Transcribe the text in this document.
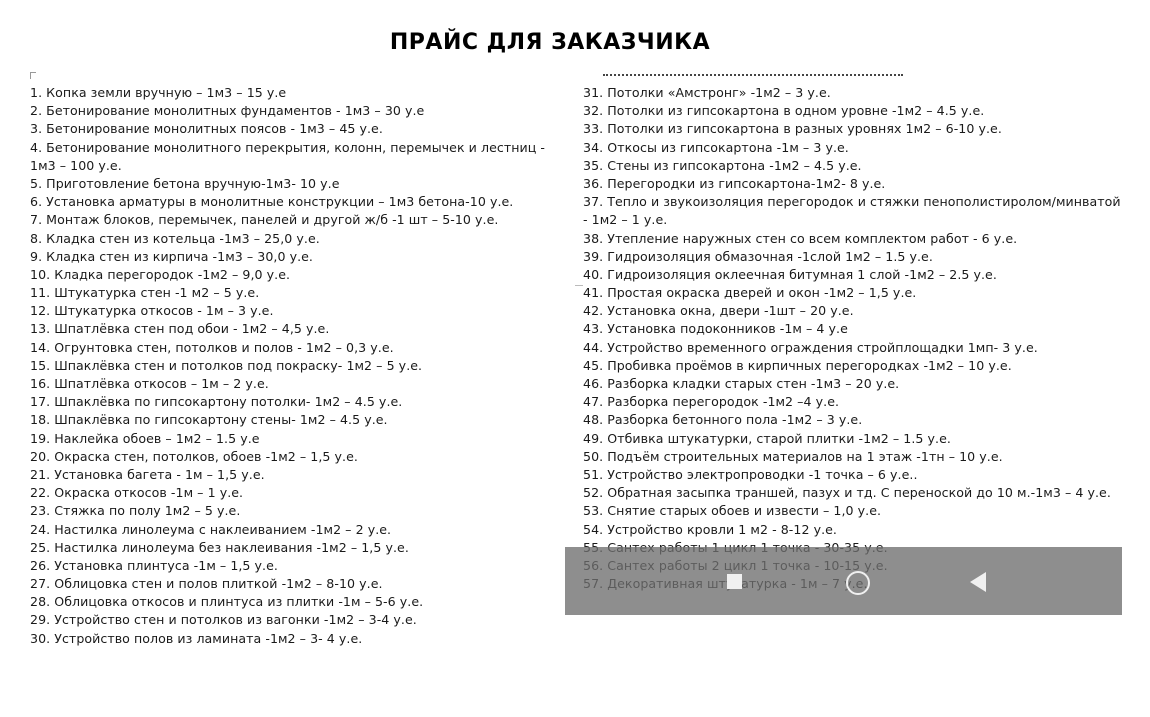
ПРАЙС ДЛЯ ЗАКАЗЧИКА
1. Копка земли вручную – 1м3 – 15 у.е
2. Бетонирование монолитных фундаментов - 1м3 – 30 у.е
3. Бетонирование монолитных поясов - 1м3 – 45 у.е.
4. Бетонирование монолитного перекрытия, колонн, перемычек и лестниц - 1м3 – 100 у.е.
5. Приготовление бетона вручную-1м3- 10 у.е
6. Установка арматуры в монолитные конструкции – 1м3 бетона-10 у.е.
7. Монтаж блоков, перемычек, панелей и другой ж/б -1 шт – 5-10 у.е.
8. Кладка стен из котельца -1м3 – 25,0 у.е.
9. Кладка стен из кирпича -1м3 – 30,0 у.е.
10. Кладка перегородок -1м2 – 9,0 у.е.
11. Штукатурка стен -1 м2 – 5 у.е.
12. Штукатурка откосов - 1м – 3 у.е.
13. Шпатлёвка стен под обои - 1м2 – 4,5 у.е.
14. Огрунтовка стен, потолков и полов - 1м2 – 0,3 у.е.
15. Шпаклёвка стен и потолков под покраску- 1м2 – 5 у.е.
16. Шпатлёвка откосов – 1м – 2 у.е.
17. Шпаклёвка по гипсокартону потолки- 1м2 – 4.5 у.е.
18. Шпаклёвка по гипсокартону стены- 1м2 – 4.5 у.е.
19. Наклейка обоев – 1м2 – 1.5 у.е
20. Окраска стен, потолков, обоев -1м2 – 1,5 у.е.
21. Установка багета - 1м – 1,5 у.е.
22. Окраска откосов -1м – 1 у.е.
23. Стяжка по полу 1м2 – 5 у.е.
24. Настилка линолеума с наклеиванием -1м2 – 2 у.е.
25. Настилка линолеума без наклеивания -1м2 – 1,5 у.е.
26. Установка плинтуса -1м – 1,5 у.е.
27. Облицовка стен и полов плиткой -1м2 – 8-10 у.е.
28. Облицовка откосов и плинтуса из плитки -1м – 5-6 у.е.
29. Устройство стен и потолков из вагонки -1м2 – 3-4 у.е.
30. Устройство полов из ламината -1м2 – 3- 4 у.е.
31. Потолки «Амстронг» -1м2 – 3 у.е.
32. Потолки из гипсокартона в одном уровне -1м2 – 4.5 у.е.
33. Потолки из гипсокартона в разных уровнях 1м2 – 6-10 у.е.
34. Откосы из гипсокартона -1м – 3 у.е.
35. Стены из гипсокартона -1м2 – 4.5 у.е.
36. Перегородки из гипсокартона-1м2- 8 у.е.
37. Тепло и звукоизоляция перегородок и стяжки пенополистиролом/минватой - 1м2 – 1 у.е.
38. Утепление наружных стен со всем комплектом работ - 6 у.е.
39. Гидроизоляция обмазочная -1слой 1м2 – 1.5 у.е.
40. Гидроизоляция оклеечная битумная 1 слой -1м2 – 2.5 у.е.
41. Простая окраска дверей и окон -1м2 – 1,5 у.е.
42. Установка окна, двери -1шт – 20 у.е.
43. Установка подоконников -1м – 4 у.е
44. Устройство временного ограждения стройплощадки 1мп- 3 у.е.
45. Пробивка проёмов в кирпичных перегородках -1м2 – 10 у.е.
46. Разборка кладки старых стен -1м3 – 20 у.е.
47. Разборка перегородок -1м2 –4 у.е.
48. Разборка бетонного пола -1м2 – 3 у.е.
49. Отбивка штукатурки, старой плитки -1м2 – 1.5 у.е.
50. Подъём строительных материалов на 1 этаж -1тн – 10 у.е.
51. Устройство электропроводки -1 точка – 6 у.е..
52. Обратная засыпка траншей, пазух и тд. С переноской до 10 м.-1м3 – 4 у.е.
53. Снятие старых обоев и извести – 1,0 у.е.
54. Устройство кровли 1 м2 - 8-12 у.е.
